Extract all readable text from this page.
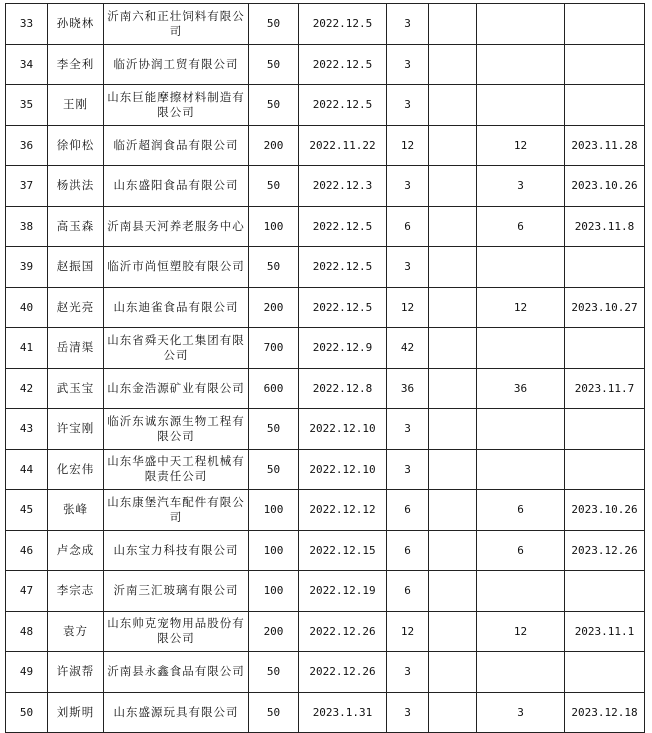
33	孙晓林	沂南六和正壮饲料有限公司	50	2022.12.5	3			
34	李全利	临沂协润工贸有限公司	50	2022.12.5	3			
35	王刚	山东巨能摩擦材料制造有限公司	50	2022.12.5	3			
36	徐仰松	临沂超润食品有限公司	200	2022.11.22	12		12	2023.11.28
37	杨洪法	山东盛阳食品有限公司	50	2022.12.3	3		3	2023.10.26
38	高玉森	沂南县天河养老服务中心	100	2022.12.5	6		6	2023.11.8
39	赵振国	临沂市尚恒塑胶有限公司	50	2022.12.5	3			
40	赵光亮	山东迪雀食品有限公司	200	2022.12.5	12		12	2023.10.27
41	岳清渠	山东省舜天化工集团有限公司	700	2022.12.9	42			
42	武玉宝	山东金浩源矿业有限公司	600	2022.12.8	36		36	2023.11.7
43	许宝刚	临沂东诚东源生物工程有限公司	50	2022.12.10	3			
44	化宏伟	山东华盛中天工程机械有限责任公司	50	2022.12.10	3			
45	张峰	山东康堡汽车配件有限公司	100	2022.12.12	6		6	2023.10.26
46	卢念成	山东宝力科技有限公司	100	2022.12.15	6		6	2023.12.26
47	李宗志	沂南三汇玻璃有限公司	100	2022.12.19	6			
48	袁方	山东帅克宠物用品股份有限公司	200	2022.12.26	12		12	2023.11.1
49	许淑帮	沂南县永鑫食品有限公司	50	2022.12.26	3			
50	刘斯明	山东盛源玩具有限公司	50	2023.1.31	3		3	2023.12.18
